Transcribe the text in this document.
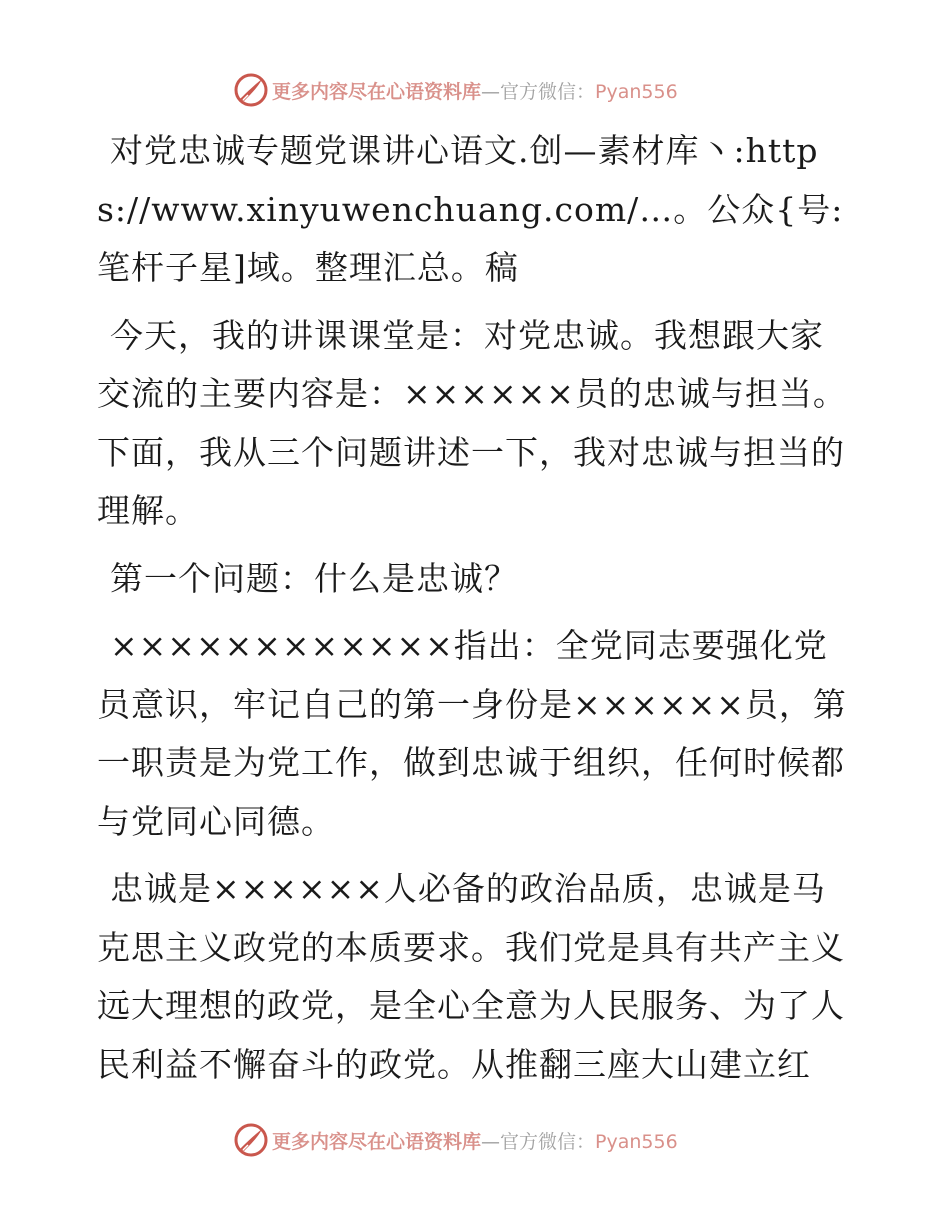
更多内容尽在心语资料库—官方微信：Pyan556

对党忠诚专题党课讲心语文.创—素材库丶:https://www.xinyuwenchuang.com/…。公众{号:笔杆子星]域。整理汇总。稿

今天，我的讲课课堂是：对党忠诚。我想跟大家交流的主要内容是：××××××员的忠诚与担当。下面，我从三个问题讲述一下，我对忠诚与担当的理解。

第一个问题：什么是忠诚？

××××××××××××指出：全党同志要强化党员意识，牢记自己的第一身份是××××××员，第一职责是为党工作，做到忠诚于组织，任何时候都与党同心同德。

忠诚是××××××人必备的政治品质，忠诚是马克思主义政党的本质要求。我们党是具有共产主义远大理想的政党，是全心全意为人民服务、为了人民利益不懈奋斗的政党。从推翻三座大山建立红

更多内容尽在心语资料库—官方微信：Pyan556
